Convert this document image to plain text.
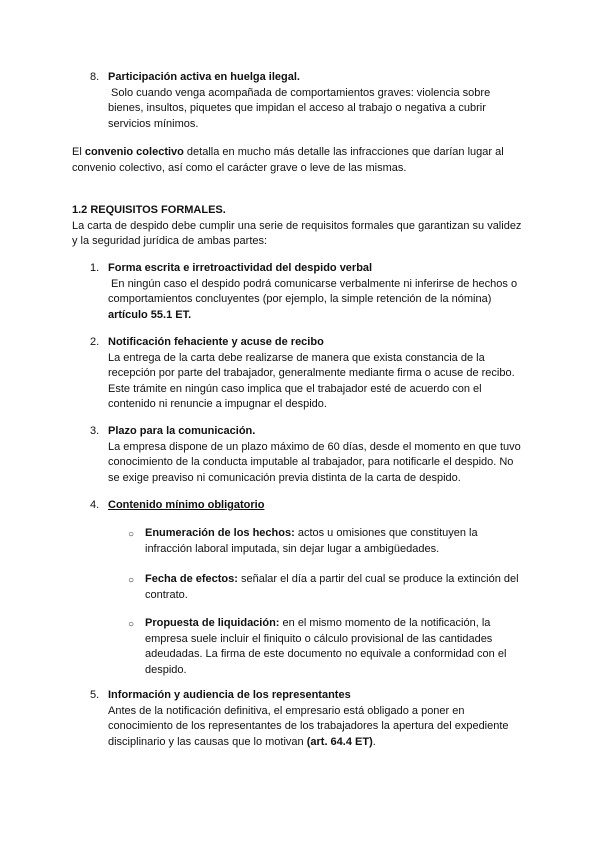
8. Participación activa en huelga ilegal.

Solo cuando venga acompañada de comportamientos graves: violencia sobre

bienes, insultos, piquetes que impidan el acceso al trabajo o negativa a cubrir

servicios mínimos.

El convenio colectivo detalla en mucho más detalle las infracciones que darían lugar al

convenio colectivo, así como el carácter grave o leve de las mismas.

1.2 REQUISITOS FORMALES.

La carta de despido debe cumplir una serie de requisitos formales que garantizan su validez

y la seguridad jurídica de ambas partes:

1. Forma escrita e irretroactividad del despido verbal

En ningún caso el despido podrá comunicarse verbalmente ni inferirse de hechos o

comportamientos concluyentes (por ejemplo, la simple retención de la nómina)

artículo 55.1 ET.

2. Notificación fehaciente y acuse de recibo

La entrega de la carta debe realizarse de manera que exista constancia de la

recepción por parte del trabajador, generalmente mediante firma o acuse de recibo.

Este trámite en ningún caso implica que el trabajador esté de acuerdo con el

contenido ni renuncie a impugnar el despido.

3. Plazo para la comunicación.

La empresa dispone de un plazo máximo de 60 días, desde el momento en que tuvo

conocimiento de la conducta imputable al trabajador, para notificarle el despido. No

se exige preaviso ni comunicación previa distinta de la carta de despido.

4. Contenido mínimo obligatorio

○ Enumeración de los hechos: actos u omisiones que constituyen la

infracción laboral imputada, sin dejar lugar a ambigüedades.

○ Fecha de efectos: señalar el día a partir del cual se produce la extinción del

contrato.

○ Propuesta de liquidación: en el mismo momento de la notificación, la

empresa suele incluir el finiquito o cálculo provisional de las cantidades

adeudadas. La firma de este documento no equivale a conformidad con el

despido.

5. Información y audiencia de los representantes

Antes de la notificación definitiva, el empresario está obligado a poner en

conocimiento de los representantes de los trabajadores la apertura del expediente

disciplinario y las causas que lo motivan (art. 64.4 ET).
